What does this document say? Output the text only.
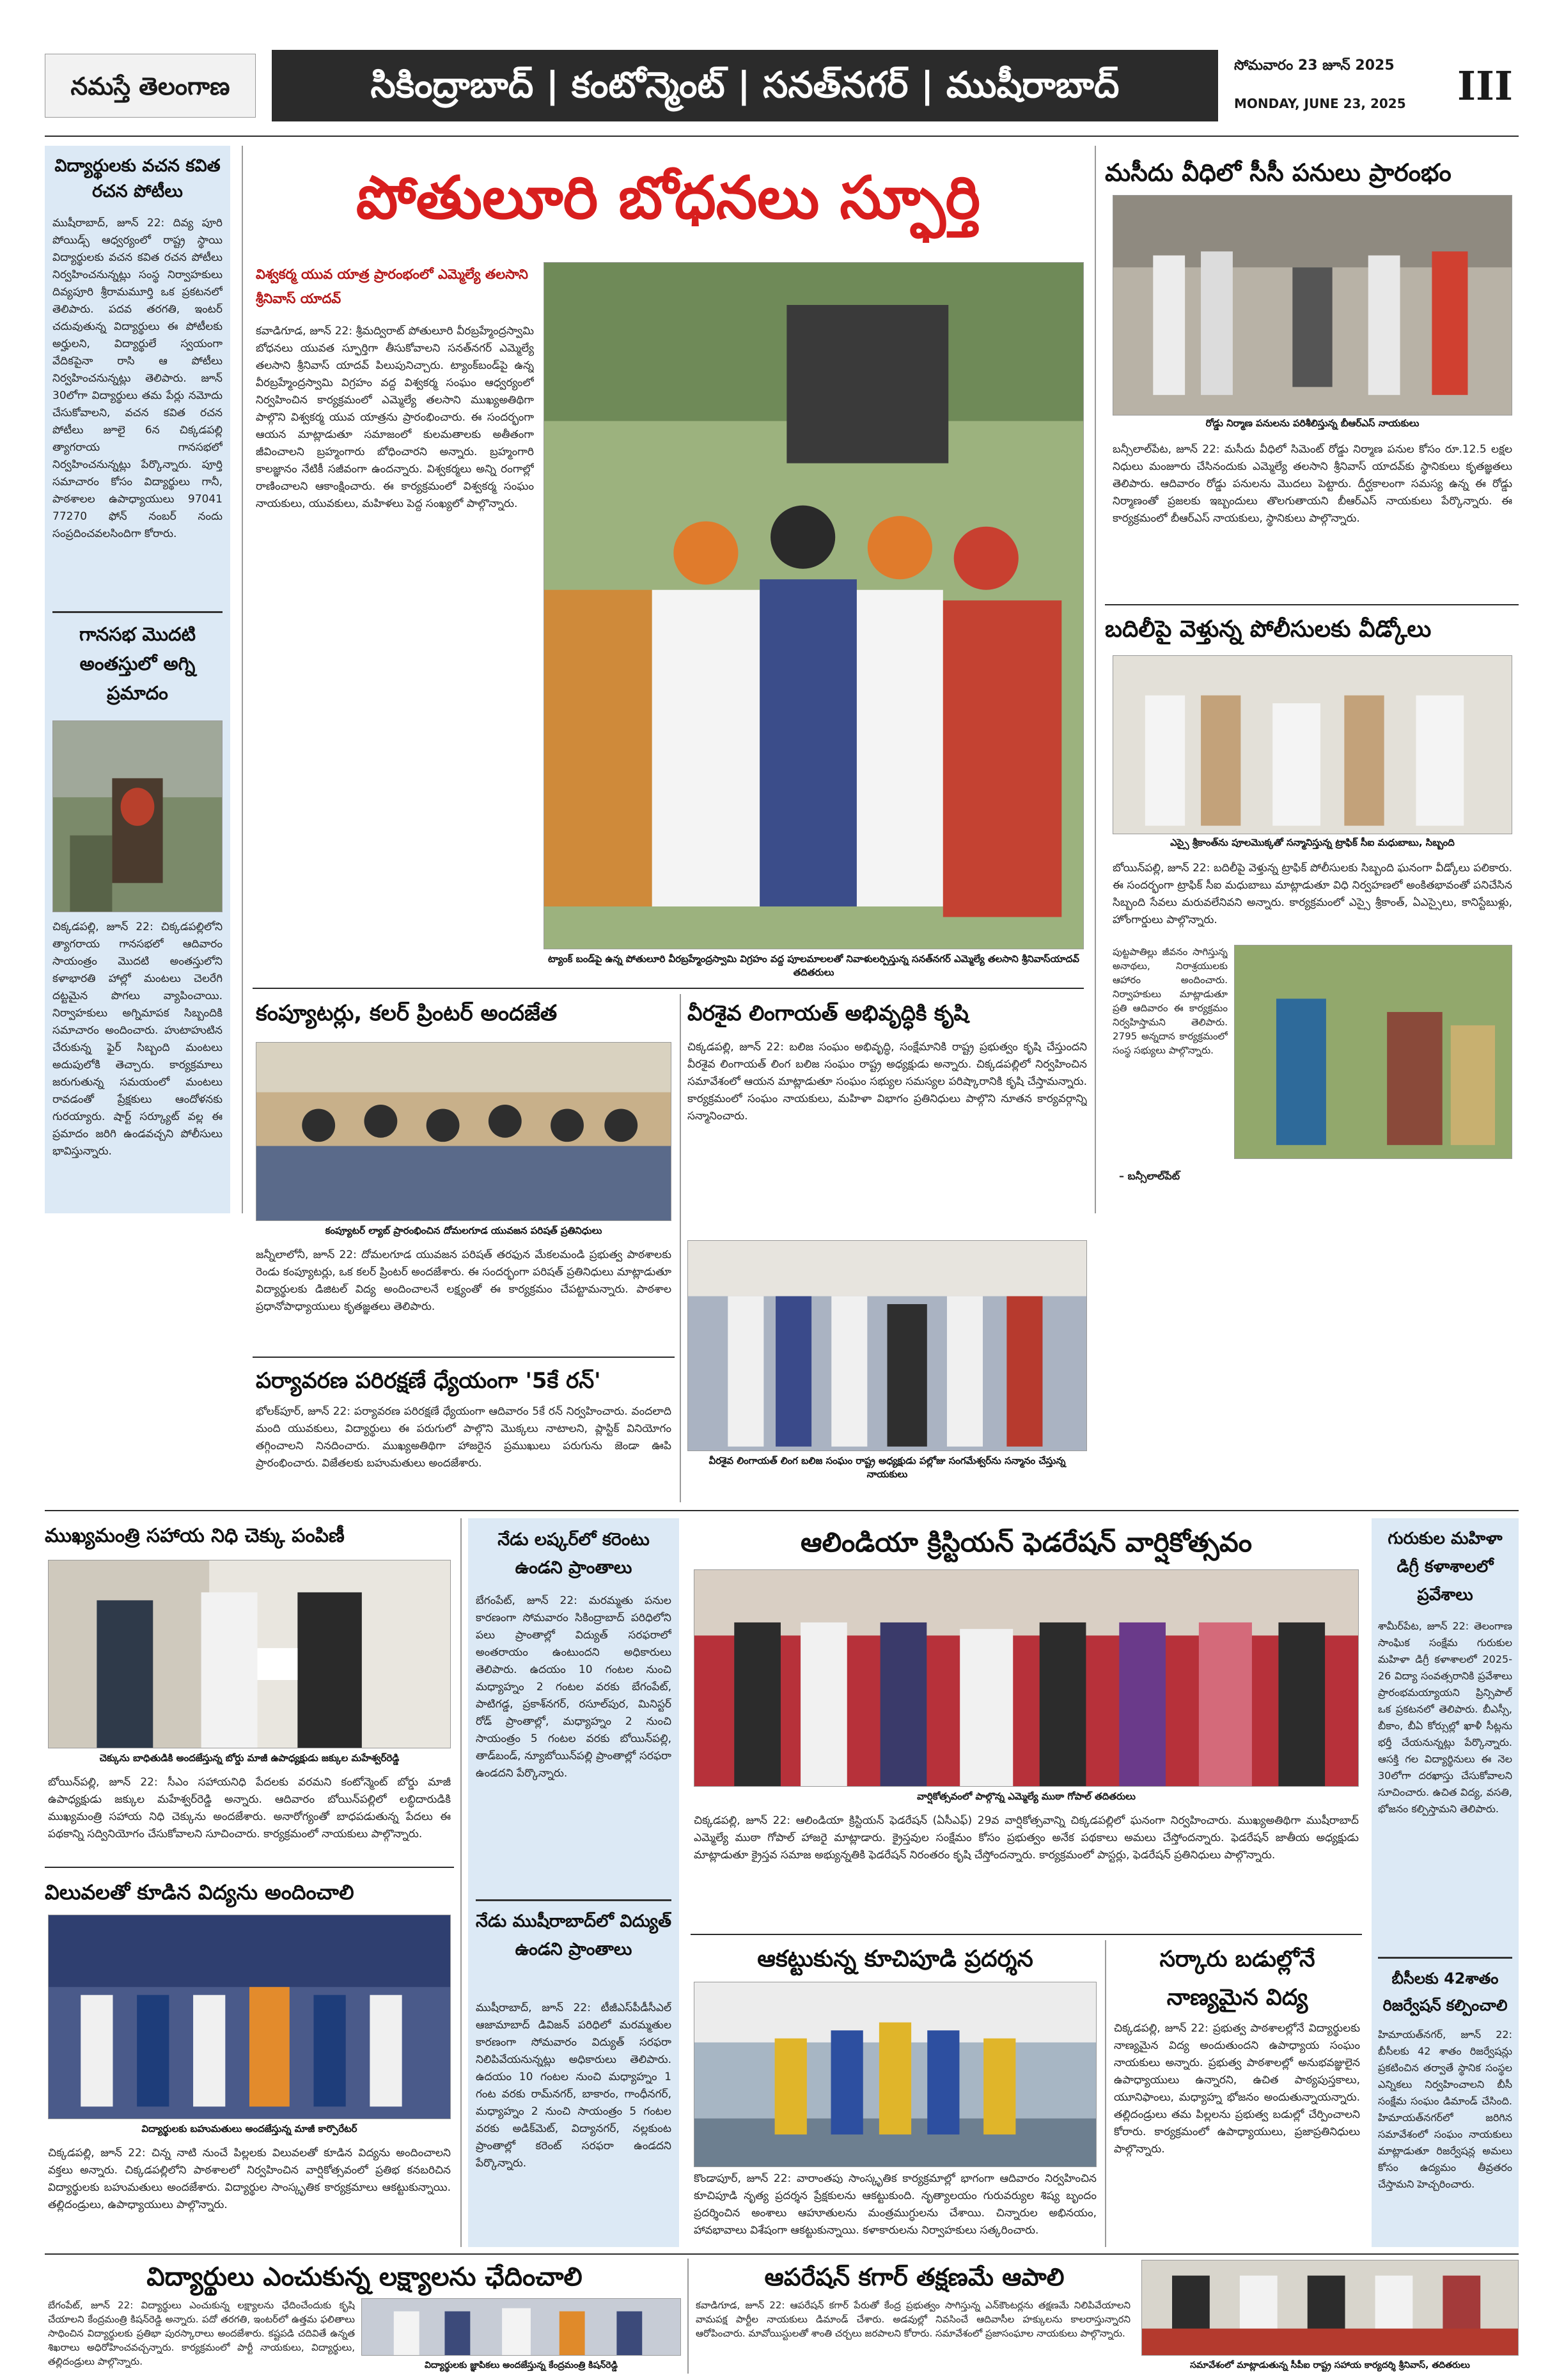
నమస్తే తెలంగాణ	సికింద్రాబాద్ | కంటోన్మెంట్ | సనత్‌నగర్ | ముషీరాబాద్	సోమవారం 23 జూన్ 2025
MONDAY, JUNE 23, 2025	III
విద్యార్థులకు వచన కవిత రచన పోటీలు
ముషీరాబాద్, జూన్ 22: దివ్య పూరి పోయిడ్స్ ఆధ్వర్యంలో రాష్ట్ర స్థాయి విద్యార్థులకు వచన కవిత రచన పోటీలు నిర్వహించనున్నట్లు సంస్థ నిర్వాహకులు దివ్యపూరి శ్రీరామమూర్తి ఒక ప్రకటనలో తెలిపారు. పదవ తరగతి, ఇంటర్ చదువుతున్న విద్యార్థులు ఈ పోటీలకు అర్హులని, విద్యార్థులే స్వయంగా వేదికపైనా రాసి ఆ పోటీలు నిర్వహించనున్నట్లు తెలిపారు. జూన్ 30లోగా విద్యార్థులు తమ పేర్లు నమోదు చేసుకోవాలని, వచన కవిత రచన పోటీలు జూలై 6న చిక్కడపల్లి త్యాగరాయ గానసభలో నిర్వహించనున్నట్లు పేర్కొన్నారు. పూర్తి సమాచారం కోసం విద్యార్థులు గానీ, పాఠశాలల ఉపాధ్యాయులు 97041 77270 ఫోన్ నంబర్ నందు సంప్రదించవలసిందిగా కోరారు.
గానసభ మొదటి అంతస్తులో అగ్ని ప్రమాదం
చిక్కడపల్లి, జూన్ 22: చిక్కడపల్లిలోని త్యాగరాయ గానసభలో ఆదివారం సాయంత్రం మొదటి అంతస్తులోని కళాభారతి హాల్లో మంటలు చెలరేగి దట్టమైన పొగలు వ్యాపించాయి. నిర్వాహకులు అగ్నిమాపక సిబ్బందికి సమాచారం అందించారు. హుటాహుటిన చేరుకున్న ఫైర్ సిబ్బంది మంటలు అదుపులోకి తెచ్చారు. కార్యక్రమాలు జరుగుతున్న సమయంలో మంటలు రావడంతో ప్రేక్షకులు ఆందోళనకు గురయ్యారు. షార్ట్ సర్క్యూట్ వల్ల ఈ ప్రమాదం జరిగి ఉండవచ్చని పోలీసులు భావిస్తున్నారు.
పోతులూరి బోధనలు స్ఫూర్తి
విశ్వకర్మ యువ యాత్ర ప్రారంభంలో ఎమ్మెల్యే తలసాని శ్రీనివాస్ యాదవ్
కవాడిగూడ, జూన్ 22: శ్రీమద్విరాట్ పోతులూరి వీరబ్రహ్మేంద్రస్వామి బోధనలు యువత స్ఫూర్తిగా తీసుకోవాలని సనత్‌నగర్ ఎమ్మెల్యే తలసాని శ్రీనివాస్ యాదవ్ పిలుపునిచ్చారు. ట్యాంక్‌బండ్‌పై ఉన్న వీరబ్రహ్మేంద్రస్వామి విగ్రహం వద్ద విశ్వకర్మ సంఘం ఆధ్వర్యంలో నిర్వహించిన కార్యక్రమంలో ఎమ్మెల్యే తలసాని ముఖ్యఅతిథిగా పాల్గొని విశ్వకర్మ యువ యాత్రను ప్రారంభించారు. ఈ సందర్భంగా ఆయన మాట్లాడుతూ సమాజంలో కులమతాలకు అతీతంగా జీవించాలని బ్రహ్మంగారు బోధించారని అన్నారు. బ్రహ్మంగారి కాలజ్ఞానం నేటికీ సజీవంగా ఉందన్నారు. విశ్వకర్మలు అన్ని రంగాల్లో రాణించాలని ఆకాంక్షించారు. ఈ కార్యక్రమంలో విశ్వకర్మ సంఘం నాయకులు, యువకులు, మహిళలు పెద్ద సంఖ్యలో పాల్గొన్నారు.
ట్యాంక్ బండ్‌పై ఉన్న పోతులూరి వీరబ్రహ్మేంద్రస్వామి విగ్రహం వద్ద పూలమాలలతో నివాళులర్పిస్తున్న సనత్‌నగర్ ఎమ్మెల్యే తలసాని శ్రీనివాస్‌యాదవ్ తదితరులు
మసీదు వీధిలో సీసీ పనులు ప్రారంభం
రోడ్డు నిర్మాణ పనులను పరిశీలిస్తున్న బీఆర్ఎస్ నాయకులు
బన్సీలాల్‌పేట, జూన్ 22: మసీదు వీధిలో సిమెంట్ రోడ్డు నిర్మాణ పనుల కోసం రూ.12.5 లక్షల నిధులు మంజూరు చేసినందుకు ఎమ్మెల్యే తలసాని శ్రీనివాస్ యాదవ్‌కు స్థానికులు కృతజ్ఞతలు తెలిపారు. ఆదివారం రోడ్డు పనులను మొదలు పెట్టారు. దీర్ఘకాలంగా సమస్య ఉన్న ఈ రోడ్డు నిర్మాణంతో ప్రజలకు ఇబ్బందులు తొలగుతాయని బీఆర్ఎస్ నాయకులు పేర్కొన్నారు. ఈ కార్యక్రమంలో బీఆర్ఎస్ నాయకులు, స్థానికులు పాల్గొన్నారు.
బదిలీపై వెళ్తున్న పోలీసులకు వీడ్కోలు
ఎస్సై శ్రీకాంత్‌ను పూలమొక్కతో సన్మానిస్తున్న ట్రాఫిక్ సీఐ మధుబాబు, సిబ్బంది
బోయిన్‌పల్లి, జూన్ 22: బదిలీపై వెళ్తున్న ట్రాఫిక్ పోలీసులకు సిబ్బంది ఘనంగా వీడ్కోలు పలికారు. ఈ సందర్భంగా ట్రాఫిక్ సీఐ మధుబాబు మాట్లాడుతూ విధి నిర్వహణలో అంకితభావంతో పనిచేసిన సిబ్బంది సేవలు మరువలేనివని అన్నారు. కార్యక్రమంలో ఎస్సై శ్రీకాంత్, ఏఎస్సైలు, కానిస్టేబుళ్లు, హోంగార్డులు పాల్గొన్నారు.
పుట్టపాతిల్లు జీవనం సాగిస్తున్న అనాథలు, నిరాశ్రయులకు ఆహారం అందించారు. నిర్వాహకులు మాట్లాడుతూ ప్రతి ఆదివారం ఈ కార్యక్రమం నిర్వహిస్తామని తెలిపారు. 2795 అన్నదాన కార్యక్రమంలో సంస్థ సభ్యులు పాల్గొన్నారు.
– బన్సీలాల్‌పేట్
కంప్యూటర్లు, కలర్ ప్రింటర్ అందజేత
కంప్యూటర్ ల్యాబ్ ప్రారంభించిన దోమలగూడ యువజన పరిషత్ ప్రతినిధులు
జన్నీలాలోనీ, జూన్ 22: దోమలగూడ యువజన పరిషత్ తరఫున మేకలమండి ప్రభుత్వ పాఠశాలకు రెండు కంప్యూటర్లు, ఒక కలర్ ప్రింటర్ అందజేశారు. ఈ సందర్భంగా పరిషత్ ప్రతినిధులు మాట్లాడుతూ విద్యార్థులకు డిజిటల్ విద్య అందించాలనే లక్ష్యంతో ఈ కార్యక్రమం చేపట్టామన్నారు. పాఠశాల ప్రధానోపాధ్యాయులు కృతజ్ఞతలు తెలిపారు.
పర్యావరణ పరిరక్షణే ధ్యేయంగా '5కే రన్'
భోలక్‌పూర్, జూన్ 22: పర్యావరణ పరిరక్షణే ధ్యేయంగా ఆదివారం 5కే రన్ నిర్వహించారు. వందలాది మంది యువకులు, విద్యార్థులు ఈ పరుగులో పాల్గొని మొక్కలు నాటాలని, ప్లాస్టిక్ వినియోగం తగ్గించాలని నినదించారు. ముఖ్యఅతిథిగా హాజరైన ప్రముఖులు పరుగును జెండా ఊపి ప్రారంభించారు. విజేతలకు బహుమతులు అందజేశారు.
వీరశైవ లింగాయత్ అభివృద్ధికి కృషి
చిక్కడపల్లి, జూన్ 22: బలిజ సంఘం అభివృద్ధి, సంక్షేమానికి రాష్ట్ర ప్రభుత్వం కృషి చేస్తుందని వీరశైవ లింగాయత్ లింగ బలిజ సంఘం రాష్ట్ర అధ్యక్షుడు అన్నారు. చిక్కడపల్లిలో నిర్వహించిన సమావేశంలో ఆయన మాట్లాడుతూ సంఘం సభ్యుల సమస్యల పరిష్కారానికి కృషి చేస్తామన్నారు. కార్యక్రమంలో సంఘం నాయకులు, మహిళా విభాగం ప్రతినిధులు పాల్గొని నూతన కార్యవర్గాన్ని సన్మానించారు.
వీరశైవ లింగాయత్ లింగ బలిజ సంఘం రాష్ట్ర అధ్యక్షుడు పల్లోజు సంగమేశ్వర్‌ను సన్మానం చేస్తున్న నాయకులు
ముఖ్యమంత్రి సహాయ నిధి చెక్కు పంపిణీ
చెక్కును బాధితుడికి అందజేస్తున్న బోర్డు మాజీ ఉపాధ్యక్షుడు జక్కుల మహేశ్వర్‌రెడ్డి
బోయిన్‌పల్లి, జూన్ 22: సీఎం సహాయనిధి పేదలకు వరమని కంటోన్మెంట్ బోర్డు మాజీ ఉపాధ్యక్షుడు జక్కుల మహేశ్వర్‌రెడ్డి అన్నారు. ఆదివారం బోయిన్‌పల్లిలో లబ్ధిదారుడికి ముఖ్యమంత్రి సహాయ నిధి చెక్కును అందజేశారు. అనారోగ్యంతో బాధపడుతున్న పేదలు ఈ పథకాన్ని సద్వినియోగం చేసుకోవాలని సూచించారు. కార్యక్రమంలో నాయకులు పాల్గొన్నారు.
విలువలతో కూడిన విద్యను అందించాలి
విద్యార్థులకు బహుమతులు అందజేస్తున్న మాజీ కార్పొరేటర్
చిక్కడపల్లి, జూన్ 22: చిన్న నాటి నుంచే పిల్లలకు విలువలతో కూడిన విద్యను అందించాలని వక్తలు అన్నారు. చిక్కడపల్లిలోని పాఠశాలలో నిర్వహించిన వార్షికోత్సవంలో ప్రతిభ కనబరిచిన విద్యార్థులకు బహుమతులు అందజేశారు. విద్యార్థుల సాంస్కృతిక కార్యక్రమాలు ఆకట్టుకున్నాయి. తల్లిదండ్రులు, ఉపాధ్యాయులు పాల్గొన్నారు.
నేడు లష్కర్‌లో కరెంటు ఉండని ప్రాంతాలు
బేగంపేట్, జూన్ 22: మరమ్మతు పనుల కారణంగా సోమవారం సికింద్రాబాద్ పరిధిలోని పలు ప్రాంతాల్లో విద్యుత్ సరఫరాలో అంతరాయం ఉంటుందని అధికారులు తెలిపారు. ఉదయం 10 గంటల నుంచి మధ్యాహ్నం 2 గంటల వరకు బేగంపేట్, పాటిగడ్డ, ప్రకాశ్‌నగర్, రసూల్‌పుర, మినిస్టర్ రోడ్ ప్రాంతాల్లో, మధ్యాహ్నం 2 నుంచి సాయంత్రం 5 గంటల వరకు బోయిన్‌పల్లి, తాడ్‌బండ్, న్యూబోయిన్‌పల్లి ప్రాంతాల్లో సరఫరా ఉండదని పేర్కొన్నారు.
నేడు ముషీరాబాద్‌లో విద్యుత్ ఉండని ప్రాంతాలు
ముషీరాబాద్, జూన్ 22: టీజీఎస్‌పీడీసీఎల్ ఆజామాబాద్ డివిజన్ పరిధిలో మరమ్మతుల కారణంగా సోమవారం విద్యుత్ సరఫరా నిలిపివేయనున్నట్లు అధికారులు తెలిపారు. ఉదయం 10 గంటల నుంచి మధ్యాహ్నం 1 గంట వరకు రామ్‌నగర్, బాకారం, గాంధీనగర్, మధ్యాహ్నం 2 నుంచి సాయంత్రం 5 గంటల వరకు అడిక్‌మెట్, విద్యానగర్, నల్లకుంట ప్రాంతాల్లో కరెంట్ సరఫరా ఉండదని పేర్కొన్నారు.
ఆలిండియా క్రిస్టియన్ ఫెడరేషన్ వార్షికోత్సవం
వార్షికోత్సవంలో పాల్గొన్న ఎమ్మెల్యే ముఠా గోపాల్ తదితరులు
చిక్కడపల్లి, జూన్ 22: ఆలిండియా క్రిస్టియన్ ఫెడరేషన్ (ఏసీఎఫ్) 29వ వార్షికోత్సవాన్ని చిక్కడపల్లిలో ఘనంగా నిర్వహించారు. ముఖ్యఅతిథిగా ముషీరాబాద్ ఎమ్మెల్యే ముఠా గోపాల్ హాజరై మాట్లాడారు. క్రైస్తవుల సంక్షేమం కోసం ప్రభుత్వం అనేక పథకాలు అమలు చేస్తోందన్నారు. ఫెడరేషన్ జాతీయ అధ్యక్షుడు మాట్లాడుతూ క్రైస్తవ సమాజ అభ్యున్నతికి ఫెడరేషన్ నిరంతరం కృషి చేస్తోందన్నారు. కార్యక్రమంలో పాస్టర్లు, ఫెడరేషన్ ప్రతినిధులు పాల్గొన్నారు.
ఆకట్టుకున్న కూచిపూడి ప్రదర్శన
కొండాపూర్, జూన్ 22: వారాంతపు సాంస్కృతిక కార్యక్రమాల్లో భాగంగా ఆదివారం నిర్వహించిన కూచిపూడి నృత్య ప్రదర్శన ప్రేక్షకులను ఆకట్టుకుంది. నృత్యాలయం గురువర్యుల శిష్య బృందం ప్రదర్శించిన అంశాలు ఆహూతులను మంత్రముగ్ధులను చేశాయి. చిన్నారుల అభినయం, హావభావాలు విశేషంగా ఆకట్టుకున్నాయి. కళాకారులను నిర్వాహకులు సత్కరించారు.
సర్కారు బడుల్లోనే నాణ్యమైన విద్య
చిక్కడపల్లి, జూన్ 22: ప్రభుత్వ పాఠశాలల్లోనే విద్యార్థులకు నాణ్యమైన విద్య అందుతుందని ఉపాధ్యాయ సంఘం నాయకులు అన్నారు. ప్రభుత్వ పాఠశాలల్లో అనుభవజ్ఞులైన ఉపాధ్యాయులు ఉన్నారని, ఉచిత పాఠ్యపుస్తకాలు, యూనిఫాంలు, మధ్యాహ్న భోజనం అందుతున్నాయన్నారు. తల్లిదండ్రులు తమ పిల్లలను ప్రభుత్వ బడుల్లో చేర్పించాలని కోరారు. కార్యక్రమంలో ఉపాధ్యాయులు, ప్రజాప్రతినిధులు పాల్గొన్నారు.
గురుకుల మహిళా డిగ్రీ కళాశాలలో ప్రవేశాలు
శామీర్‌పేట, జూన్ 22: తెలంగాణ సాంఘిక సంక్షేమ గురుకుల మహిళా డిగ్రీ కళాశాలలో 2025-26 విద్యా సంవత్సరానికి ప్రవేశాలు ప్రారంభమయ్యాయని ప్రిన్సిపాల్ ఒక ప్రకటనలో తెలిపారు. బీఎస్సీ, బీకాం, బీఏ కోర్సుల్లో ఖాళీ సీట్లను భర్తీ చేయనున్నట్లు పేర్కొన్నారు. ఆసక్తి గల విద్యార్థినులు ఈ నెల 30లోగా దరఖాస్తు చేసుకోవాలని సూచించారు. ఉచిత విద్య, వసతి, భోజనం కల్పిస్తామని తెలిపారు.
బీసీలకు 42శాతం రిజర్వేషన్ కల్పించాలి
హిమాయత్‌నగర్, జూన్ 22: బీసీలకు 42 శాతం రిజర్వేషన్లు ప్రకటించిన తర్వాతే స్థానిక సంస్థల ఎన్నికలు నిర్వహించాలని బీసీ సంక్షేమ సంఘం డిమాండ్ చేసింది. హిమాయత్‌నగర్‌లో జరిగిన సమావేశంలో సంఘం నాయకులు మాట్లాడుతూ రిజర్వేషన్ల అమలు కోసం ఉద్యమం తీవ్రతరం చేస్తామని హెచ్చరించారు.
విద్యార్థులు ఎంచుకున్న లక్ష్యాలను ఛేదించాలి
బేగంపేట్, జూన్ 22: విద్యార్థులు ఎంచుకున్న లక్ష్యాలను ఛేదించేందుకు కృషి చేయాలని కేంద్రమంత్రి కిషన్‌రెడ్డి అన్నారు. పదో తరగతి, ఇంటర్‌లో ఉత్తమ ఫలితాలు సాధించిన విద్యార్థులకు ప్రతిభా పురస్కారాలు అందజేశారు. కష్టపడి చదివితే ఉన్నత శిఖరాలు అధిరోహించవచ్చన్నారు. కార్యక్రమంలో పార్టీ నాయకులు, విద్యార్థులు, తల్లిదండ్రులు పాల్గొన్నారు.	విద్యార్థులకు జ్ఞాపికలు అందజేస్తున్న కేంద్రమంత్రి కిషన్‌రెడ్డి
ఆపరేషన్ కగార్ తక్షణమే ఆపాలి
కవాడిగూడ, జూన్ 22: ఆపరేషన్ కగార్ పేరుతో కేంద్ర ప్రభుత్వం సాగిస్తున్న ఎన్‌కౌంటర్లను తక్షణమే నిలిపివేయాలని వామపక్ష పార్టీల నాయకులు డిమాండ్ చేశారు. అడవుల్లో నివసించే ఆదివాసీల హక్కులను కాలరాస్తున్నారని ఆరోపించారు. మావోయిస్టులతో శాంతి చర్చలు జరపాలని కోరారు. సమావేశంలో ప్రజాసంఘాల నాయకులు పాల్గొన్నారు.
సమావేశంలో మాట్లాడుతున్న సీపీఐ రాష్ట్ర సహాయ కార్యదర్శి శ్రీనివాస్, తదితరులు
